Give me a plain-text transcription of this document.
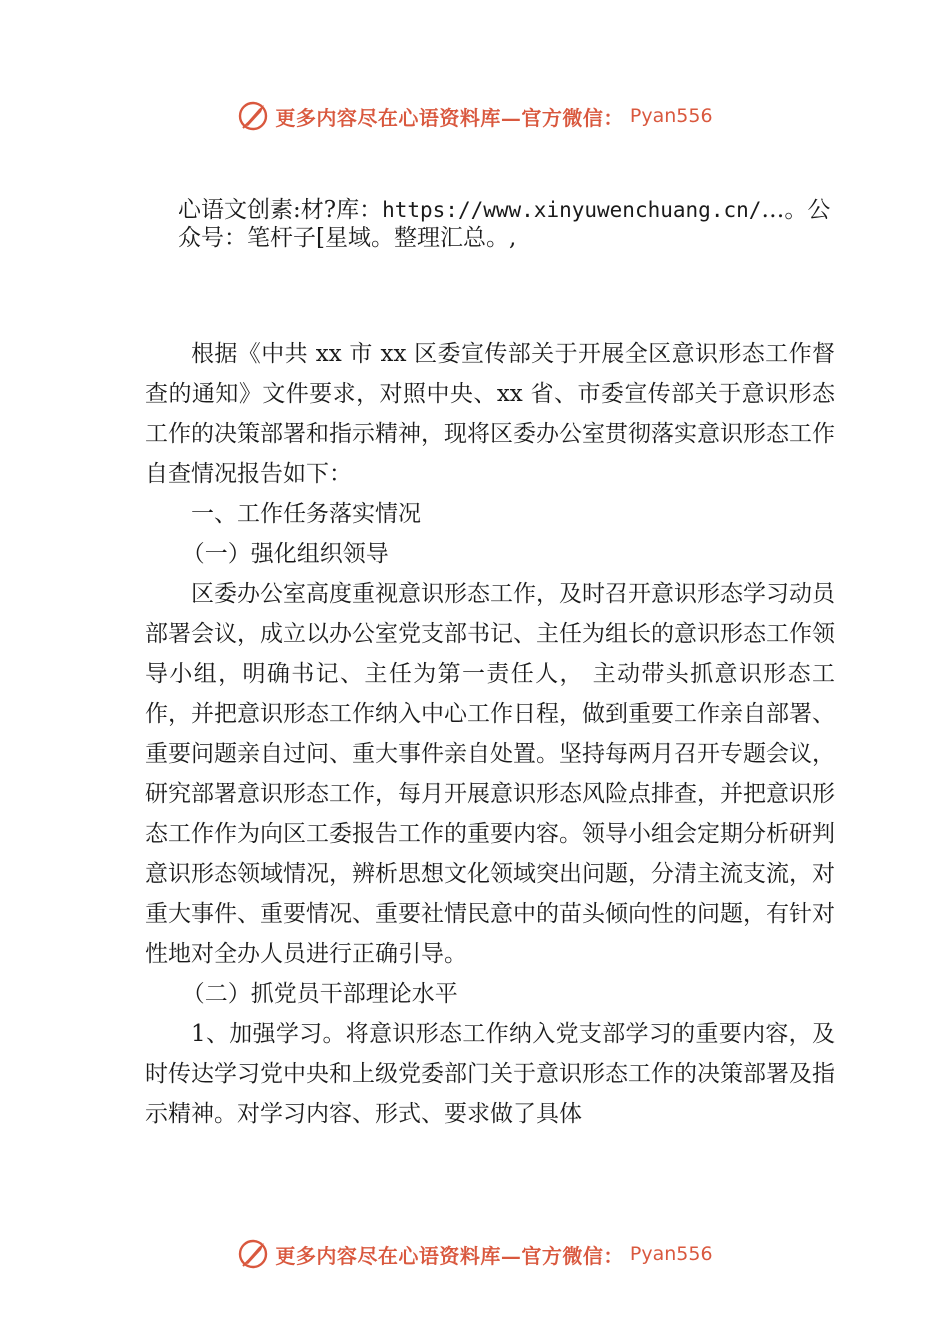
更多内容尽在心语资料库—官方微信： Pyan556
心语文创素:材?库：https://www.xinyuwenchuang.cn/…。公众号：笔杆子[星域。整理汇总。,

根据《中共 xx 市 xx 区委宣传部关于开展全区意识形态工作督查的通知》文件要求，对照中央、xx 省、市委宣传部关于意识形态工作的决策部署和指示精神，现将区委办公室贯彻落实意识形态工作自查情况报告如下：

一、工作任务落实情况

（一）强化组织领导

区委办公室高度重视意识形态工作，及时召开意识形态学习动员部署会议，成立以办公室党支部书记、主任为组长的意识形态工作领导小组，明确书记、主任为第一责任人， 主动带头抓意识形态工作，并把意识形态工作纳入中心工作日程，做到重要工作亲自部署、重要问题亲自过问、重大事件亲自处置。坚持每两月召开专题会议，研究部署意识形态工作，每月开展意识形态风险点排查，并把意识形态工作作为向区工委报告工作的重要内容。领导小组会定期分析研判意识形态领域情况，辨析思想文化领域突出问题，分清主流支流，对重大事件、重要情况、重要社情民意中的苗头倾向性的问题，有针对性地对全办人员进行正确引导。

（二）抓党员干部理论水平

1、加强学习。将意识形态工作纳入党支部学习的重要内容，及时传达学习党中央和上级党委部门关于意识形态工作的决策部署及指示精神。对学习内容、形式、要求做了具体

更多内容尽在心语资料库—官方微信： Pyan556
